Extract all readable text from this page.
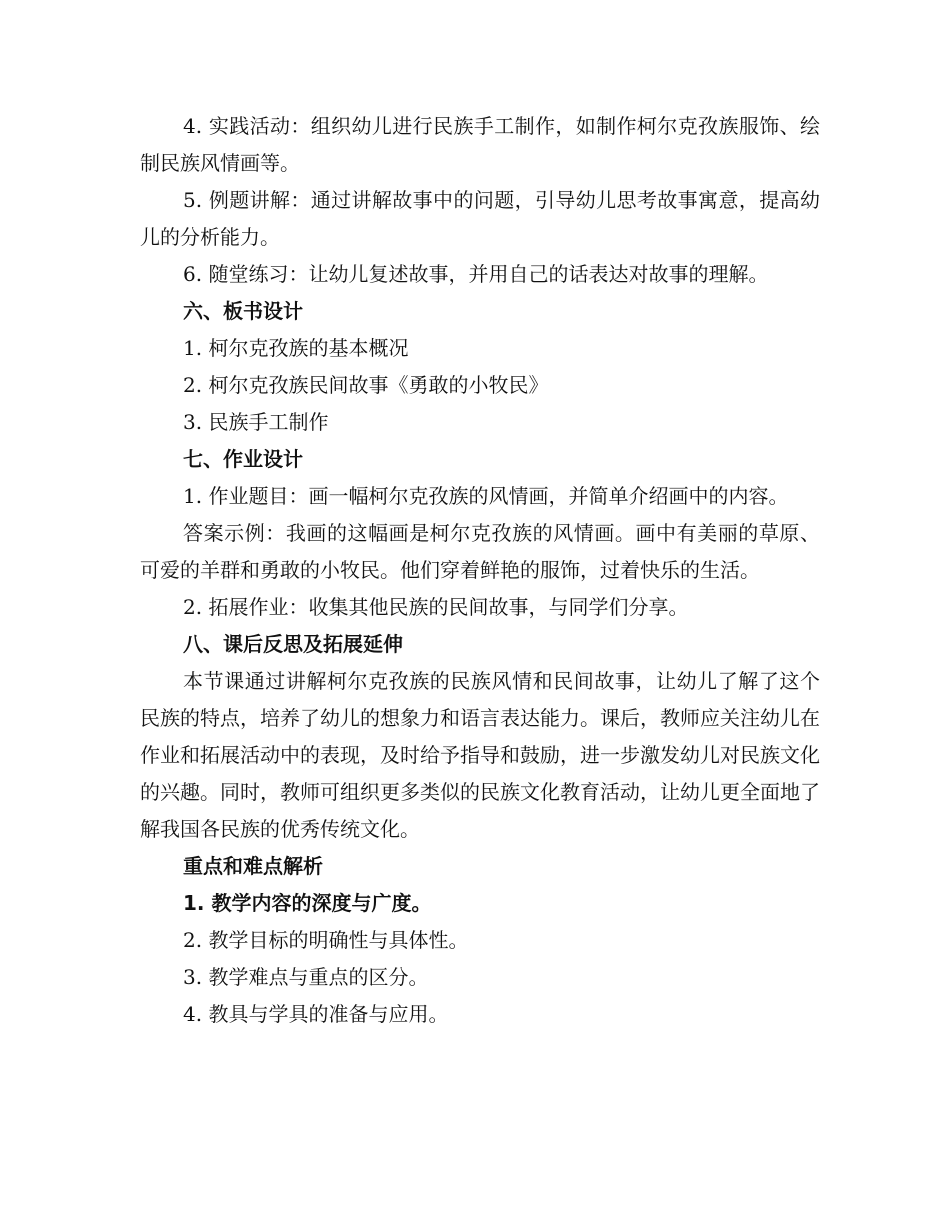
4. 实践活动：组织幼儿进行民族手工制作，如制作柯尔克孜族服饰、绘制民族风情画等。

5. 例题讲解：通过讲解故事中的问题，引导幼儿思考故事寓意，提高幼儿的分析能力。

6. 随堂练习：让幼儿复述故事，并用自己的话表达对故事的理解。

六、板书设计

1. 柯尔克孜族的基本概况

2. 柯尔克孜族民间故事《勇敢的小牧民》

3. 民族手工制作

七、作业设计

1. 作业题目：画一幅柯尔克孜族的风情画，并简单介绍画中的内容。

答案示例：我画的这幅画是柯尔克孜族的风情画。画中有美丽的草原、可爱的羊群和勇敢的小牧民。他们穿着鲜艳的服饰，过着快乐的生活。

2. 拓展作业：收集其他民族的民间故事，与同学们分享。

八、课后反思及拓展延伸

本节课通过讲解柯尔克孜族的民族风情和民间故事，让幼儿了解了这个民族的特点，培养了幼儿的想象力和语言表达能力。课后，教师应关注幼儿在作业和拓展活动中的表现，及时给予指导和鼓励，进一步激发幼儿对民族文化的兴趣。同时，教师可组织更多类似的民族文化教育活动，让幼儿更全面地了解我国各民族的优秀传统文化。

重点和难点解析

1. 教学内容的深度与广度。

2. 教学目标的明确性与具体性。

3. 教学难点与重点的区分。

4. 教具与学具的准备与应用。
